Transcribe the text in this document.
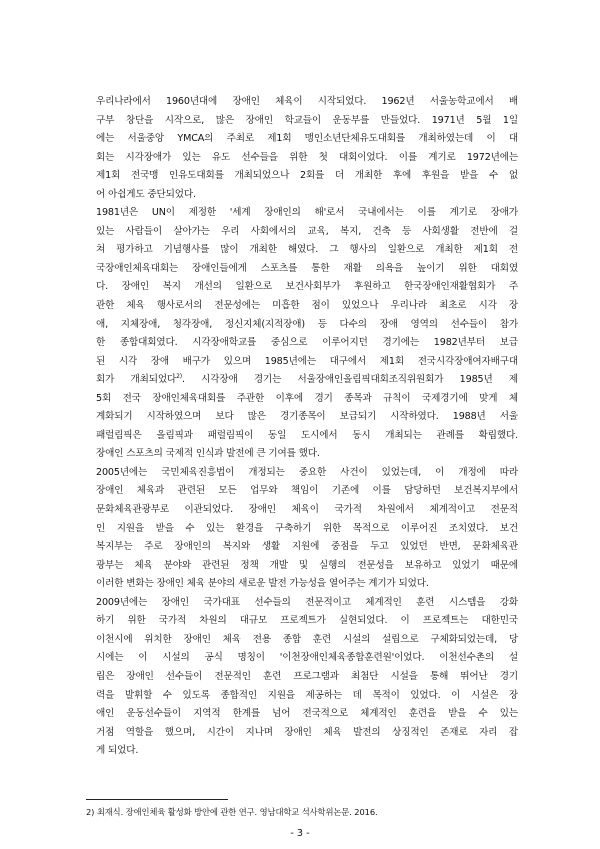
우리나라에서 1960년대에 장애인 체육이 시작되었다. 1962년 서울농학교에서 배
구부 창단을 시작으로, 많은 장애인 학교들이 운동부를 만들었다. 1971년 5월 1일
에는 서울중앙 YMCA의 주최로 제1회 맹인소년단체유도대회를 개최하였는데 이 대
회는 시각장애가 있는 유도 선수들을 위한 첫 대회이었다. 이를 계기로 1972년에는
제1회 전국맹 인유도대회를 개최되었으나 2회를 더 개최한 후에 후원을 받을 수 없
어 아쉽게도 중단되었다.
1981년은 UN이 제정한 '세계 장애인의 해'로서 국내에서는 이를 계기로 장애가
있는 사람들이 살아가는 우리 사회에서의 교육, 복지, 건축 등 사회생활 전반에 걸
쳐 평가하고 기념행사를 많이 개최한 해였다. 그 행사의 일환으로 개최한 제1회 전
국장애인체육대회는 장애인들에게 스포츠를 통한 재활 의욕을 높이기 위한 대회였
다. 장애인 복지 개선의 일환으로 보건사회부가 후원하고 한국장애인재활협회가 주
관한 체육 행사로서의 전문성에는 미흡한 점이 있었으나 우리나라 최초로 시각 장
애, 지체장애, 청각장애, 정신지체(지적장애) 등 다수의 장애 영역의 선수들이 참가
한 종합대회였다. 시각장애학교를 중심으로 이루어지던 경기에는 1982년부터 보급
된 시각 장애 배구가 있으며 1985년에는 대구에서 제1회 전국시각장애여자배구대
회가 개최되었다$^{2)}$. 시각장애 경기는 서울장애인올림픽대회조직위원회가 1985년 제
5회 전국 장애인체육대회를 주관한 이후에 경기 종목과 규칙이 국제경기에 맞게 체
계화되기 시작하였으며 보다 많은 경기종목이 보급되기 시작하였다. 1988년 서울
패럴림픽은 올림픽과 패럴림픽이 동일 도시에서 동시 개최되는 관례를 확립했다.
장애인 스포츠의 국제적 인식과 발전에 큰 기여를 했다.
2005년에는 국민체육진흥법이 개정되는 중요한 사건이 있었는데, 이 개정에 따라
장애인 체육과 관련된 모든 업무와 책임이 기존에 이를 담당하던 보건복지부에서
문화체육관광부로 이관되었다. 장애인 체육이 국가적 차원에서 체계적이고 전문적
인 지원을 받을 수 있는 환경을 구축하기 위한 목적으로 이루어진 조치였다. 보건
복지부는 주로 장애인의 복지와 생활 지원에 중점을 두고 있었던 반면, 문화체육관
광부는 체육 분야와 관련된 정책 개발 및 실행의 전문성을 보유하고 있었기 때문에
이러한 변화는 장애인 체육 분야의 새로운 발전 가능성을 열어주는 계기가 되었다.
2009년에는 장애인 국가대표 선수들의 전문적이고 체계적인 훈련 시스템을 강화
하기 위한 국가적 차원의 대규모 프로젝트가 실현되었다. 이 프로젝트는 대한민국
이천시에 위치한 장애인 체육 전용 종합 훈련 시설의 설립으로 구체화되었는데, 당
시에는 이 시설의 공식 명칭이 '이천장애인체육종합훈련원'이었다. 이천선수촌의 설
립은 장애인 선수들이 전문적인 훈련 프로그램과 최첨단 시설을 통해 뛰어난 경기
력을 발휘할 수 있도록 종합적인 지원을 제공하는 데 목적이 있었다. 이 시설은 장
애인 운동선수들이 지역적 한계를 넘어 전국적으로 체계적인 훈련을 받을 수 있는
거점 역할을 했으며, 시간이 지나며 장애인 체육 발전의 상징적인 존재로 자리 잡
게 되었다.
2) 최재식. 장애인체육 활성화 방안에 관한 연구. 영남대학교 석사학위논문. 2016.
- 3 -
